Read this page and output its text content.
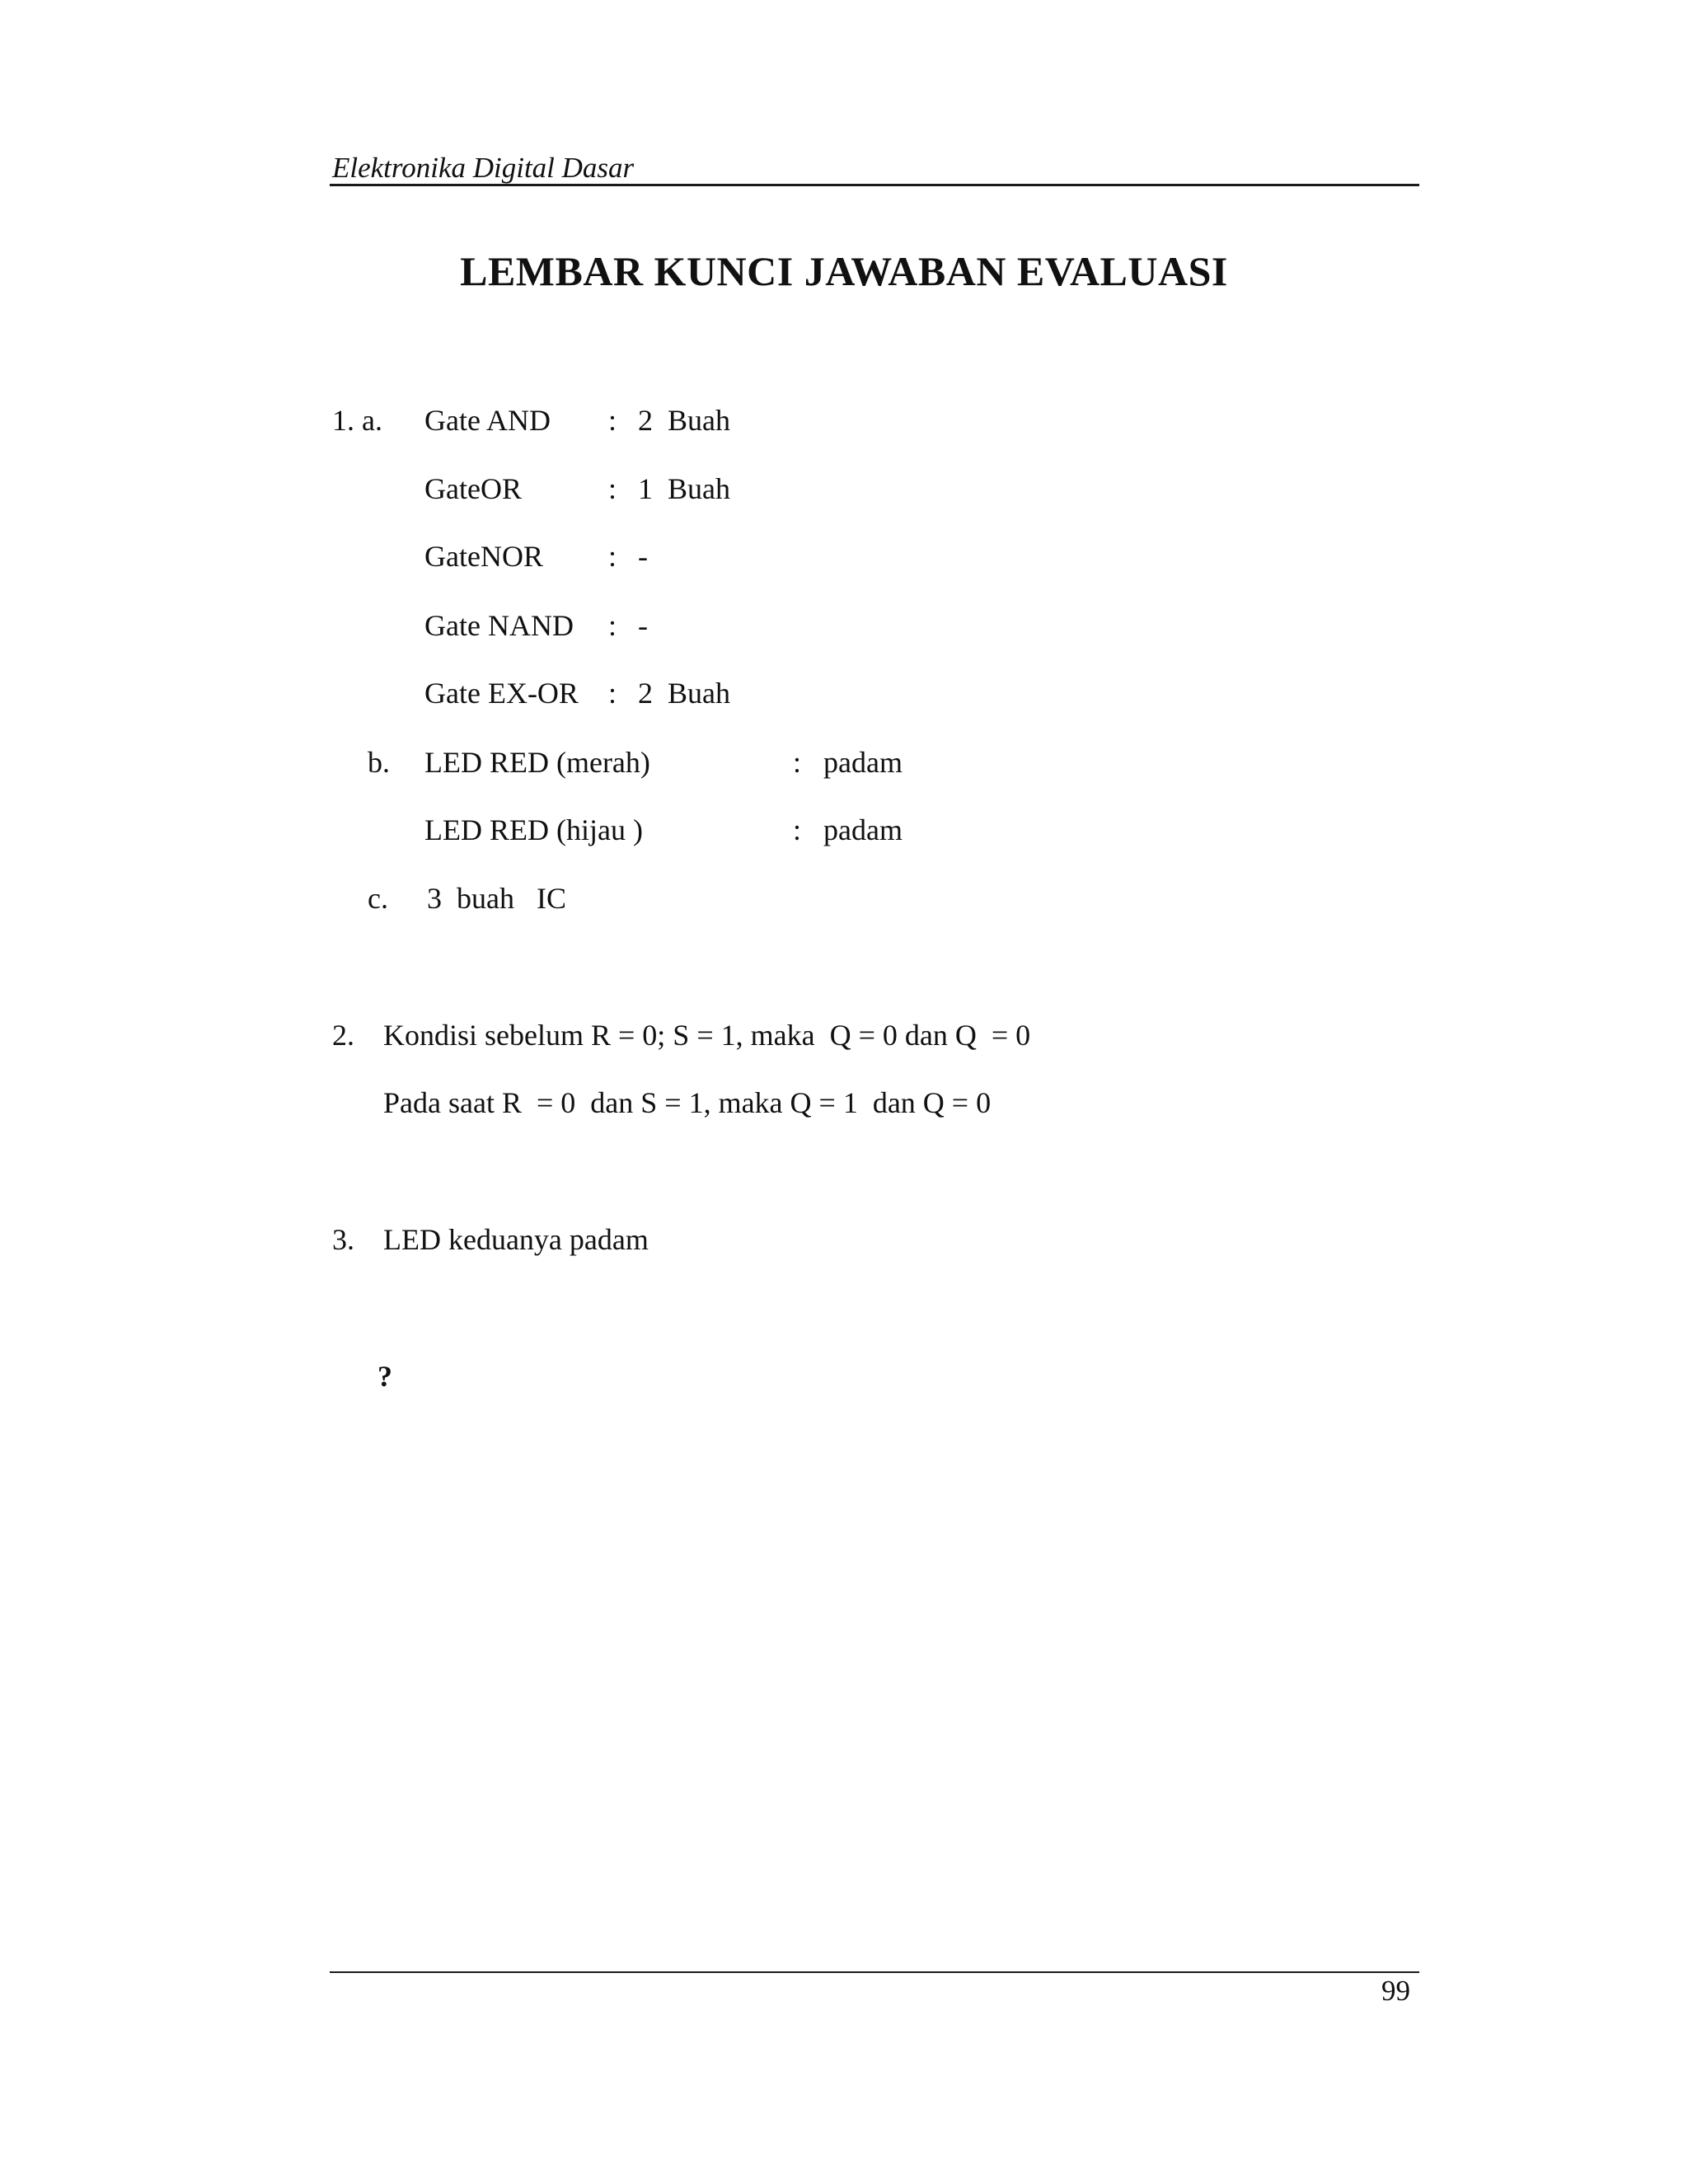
Elektronika Digital Dasar
LEMBAR KUNCI JAWABAN EVALUASI
1. a. Gate AND : 2  Buah
GateOR	: 1  Buah
GateNOR : -
Gate NAND : -
Gate EX-OR : 2  Buah
b. LED RED (merah)	: padam
LED RED (hijau )	: padam
c. 3  buah   IC
2. Kondisi sebelum R = 0; S = 1, maka  Q = 0 dan Q  = 0
Pada saat R  = 0  dan S = 1, maka Q = 1  dan Q = 0
3. LED keduanya padam
?
99
